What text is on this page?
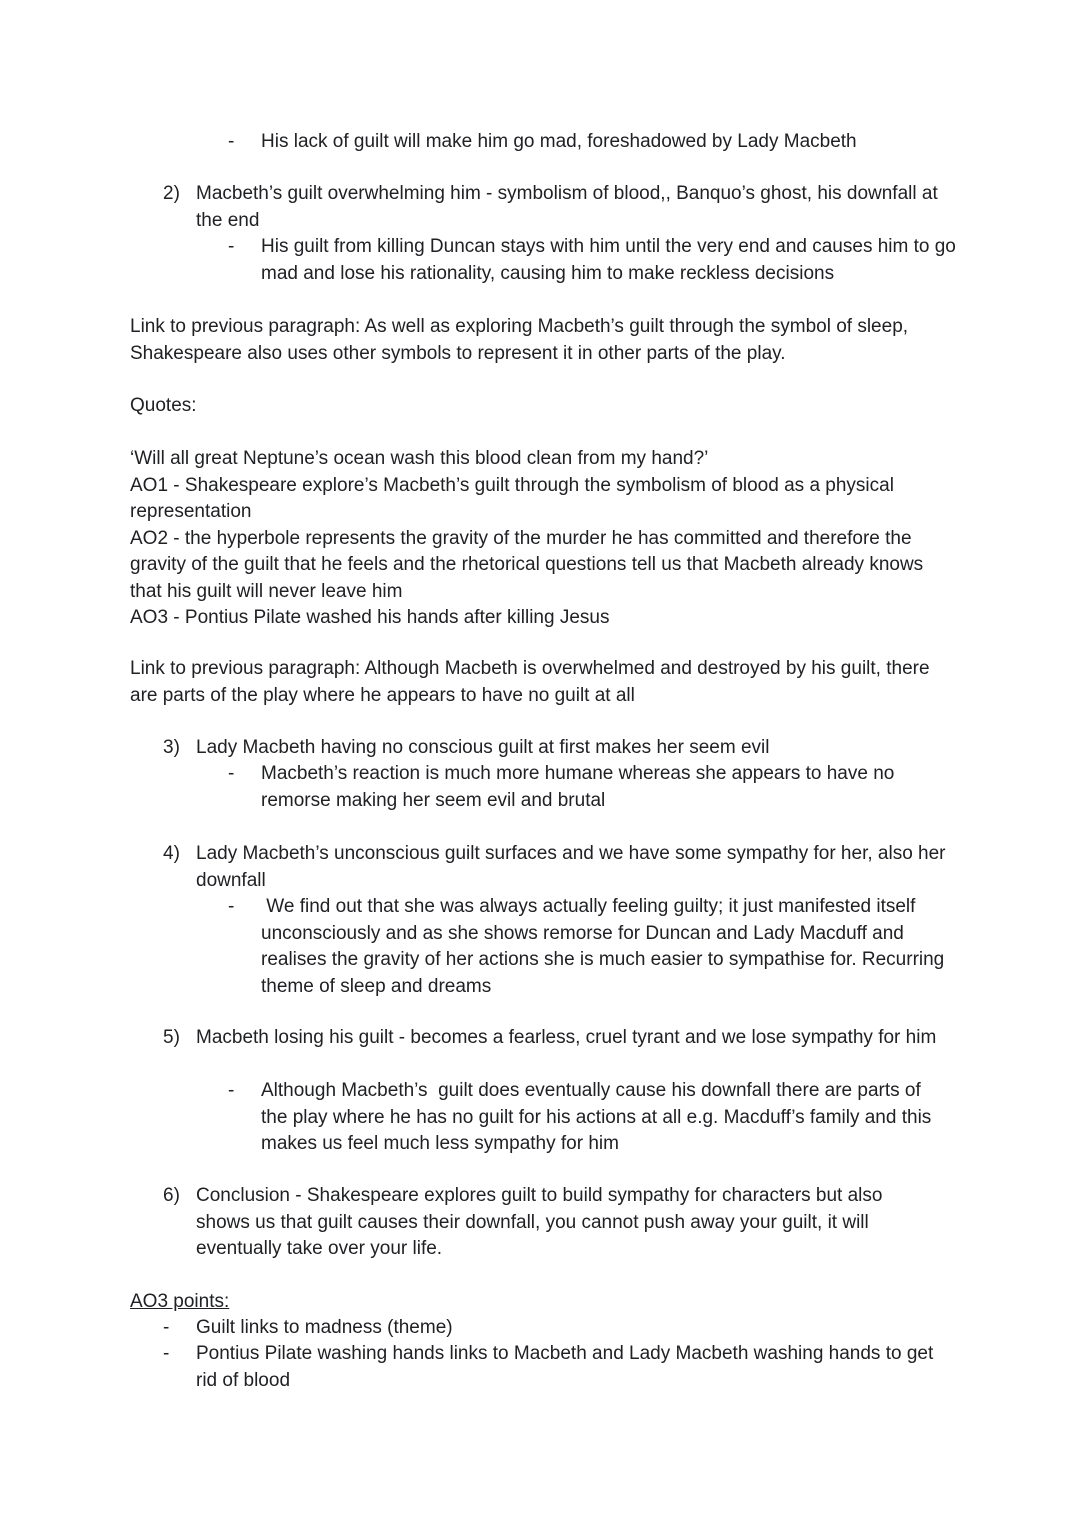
- His lack of guilt will make him go mad, foreshadowed by Lady Macbeth
2) Macbeth’s guilt overwhelming him - symbolism of blood,, Banquo’s ghost, his downfall at the end
- His guilt from killing Duncan stays with him until the very end and causes him to go mad and lose his rationality, causing him to make reckless decisions

Link to previous paragraph: As well as exploring Macbeth’s guilt through the symbol of sleep, Shakespeare also uses other symbols to represent it in other parts of the play.

Quotes:

‘Will all great Neptune’s ocean wash this blood clean from my hand?’

AO1 - Shakespeare explore’s Macbeth’s guilt through the symbolism of blood as a physical representation

AO2 - the hyperbole represents the gravity of the murder he has committed and therefore the gravity of the guilt that he feels and the rhetorical questions tell us that Macbeth already knows that his guilt will never leave him

AO3 - Pontius Pilate washed his hands after killing Jesus

Link to previous paragraph: Although Macbeth is overwhelmed and destroyed by his guilt, there are parts of the play where he appears to have no guilt at all

3) Lady Macbeth having no conscious guilt at first makes her seem evil
- Macbeth’s reaction is much more humane whereas she appears to have no remorse making her seem evil and brutal
4) Lady Macbeth’s unconscious guilt surfaces and we have some sympathy for her, also her downfall
- We find out that she was always actually feeling guilty; it just manifested itself unconsciously and as she shows remorse for Duncan and Lady Macduff and realises the gravity of her actions she is much easier to sympathise for. Recurring theme of sleep and dreams
5) Macbeth losing his guilt - becomes a fearless, cruel tyrant and we lose sympathy for him
- Although Macbeth’s  guilt does eventually cause his downfall there are parts of the play where he has no guilt for his actions at all e.g. Macduff’s family and this makes us feel much less sympathy for him
6) Conclusion - Shakespeare explores guilt to build sympathy for characters but also shows us that guilt causes their downfall, you cannot push away your guilt, it will eventually take over your life.

AO3 points:

- Guilt links to madness (theme)
- Pontius Pilate washing hands links to Macbeth and Lady Macbeth washing hands to get rid of blood
